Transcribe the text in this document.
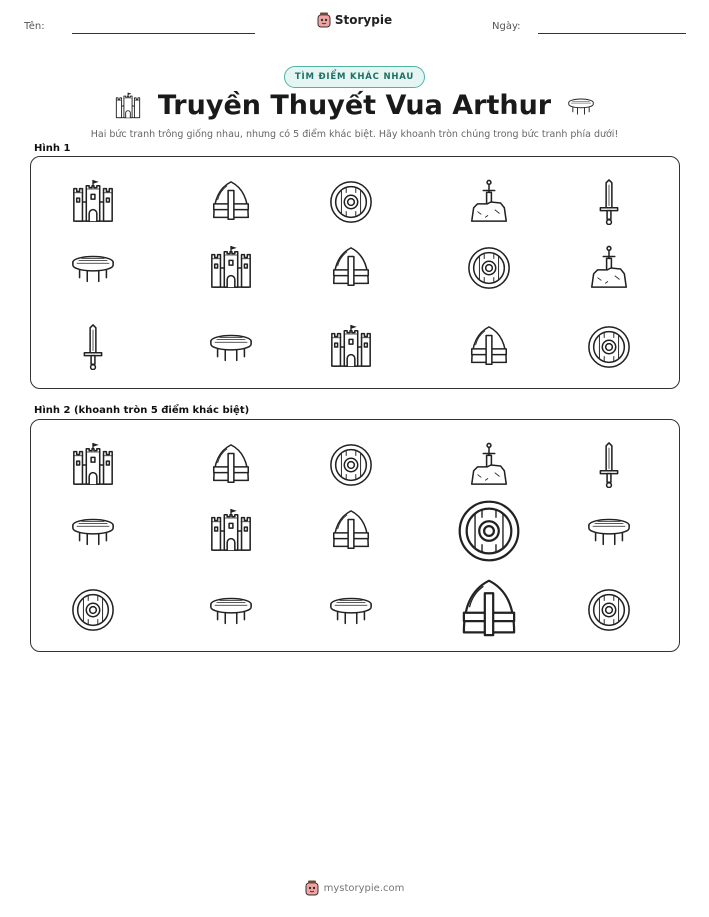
Tên:	Storypie	Ngày:
TÌM ĐIỂM KHÁC NHAU
Truyền Thuyết Vua Arthur
Hai bức tranh trông giống nhau, nhưng có 5 điểm khác biệt. Hãy khoanh tròn chúng trong bức tranh phía dưới!
Hình 1
Hình 2 (khoanh tròn 5 điểm khác biệt)
mystorypie.com
